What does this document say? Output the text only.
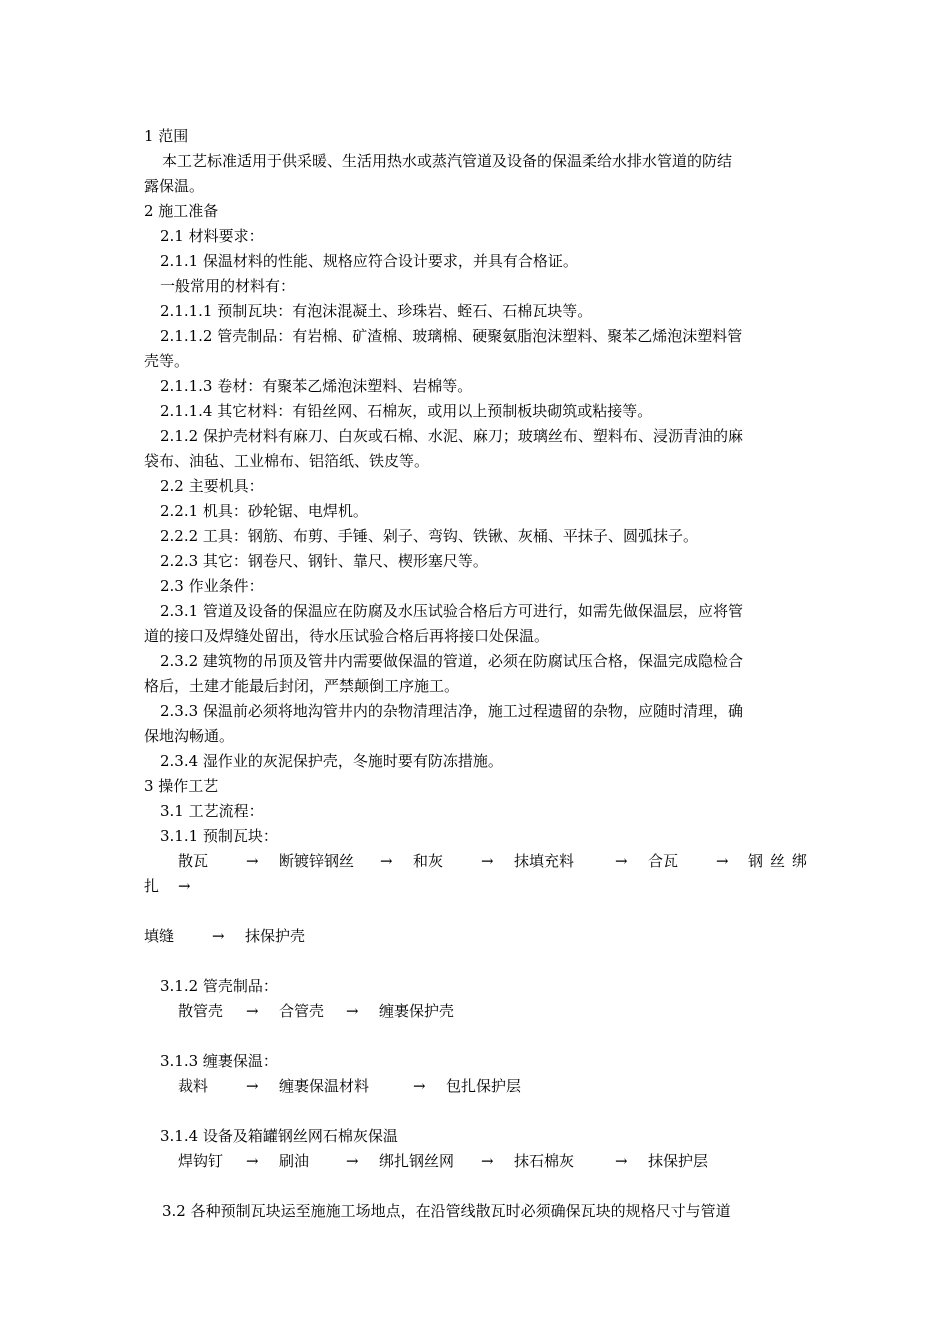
1 范围
本工艺标准适用于供采暖、生活用热水或蒸汽管道及设备的保温柔给水排水管道的防结
露保温。
2 施工准备
2.1 材料要求：
2.1.1 保温材料的性能、规格应符合设计要求，并具有合格证。
一般常用的材料有：
2.1.1.1 预制瓦块：有泡沫混凝土、珍珠岩、蛭石、石棉瓦块等。
2.1.1.2 管壳制品：有岩棉、矿渣棉、玻璃棉、硬聚氨脂泡沫塑料、聚苯乙烯泡沫塑料管
壳等。
2.1.1.3 卷材：有聚苯乙烯泡沫塑料、岩棉等。
2.1.1.4 其它材料：有铅丝网、石棉灰，或用以上预制板块砌筑或粘接等。
2.1.2 保护壳材料有麻刀、白灰或石棉、水泥、麻刀；玻璃丝布、塑料布、浸沥青油的麻
袋布、油毡、工业棉布、铝箔纸、铁皮等。
2.2 主要机具：
2.2.1 机具：砂轮锯、电焊机。
2.2.2 工具：钢筋、布剪、手锤、剁子、弯钩、铁锹、灰桶、平抹子、圆弧抹子。
2.2.3 其它：钢卷尺、钢针、靠尺、楔形塞尺等。
2.3 作业条件：
2.3.1 管道及设备的保温应在防腐及水压试验合格后方可进行，如需先做保温层，应将管
道的接口及焊缝处留出，待水压试验合格后再将接口处保温。
2.3.2 建筑物的吊顶及管井内需要做保温的管道，必须在防腐试压合格，保温完成隐检合
格后，土建才能最后封闭，严禁颠倒工序施工。
2.3.3 保温前必须将地沟管井内的杂物清理洁净，施工过程遗留的杂物，应随时清理，确
保地沟畅通。
2.3.4 湿作业的灰泥保护壳，冬施时要有防冻措施。
3 操作工艺
3.1 工艺流程：
3.1.1 预制瓦块：
散瓦	→ 断镀锌钢丝 → 和灰	→ 抹填充料	→ 合瓦	→ 钢 丝 绑
扎 →
填缝	→ 抹保护壳
3.1.2 管壳制品：
散管壳 → 合管壳 → 缠裹保护壳
3.1.3 缠裹保温：
裁料	→ 缠裹保温材料	→ 包扎保护层
3.1.4 设备及箱罐钢丝网石棉灰保温
焊钩钉 → 刷油 → 绑扎钢丝网 → 抹石棉灰	→ 抹保护层
3.2 各种预制瓦块运至施施工场地点，在沿管线散瓦时必须确保瓦块的规格尺寸与管道
